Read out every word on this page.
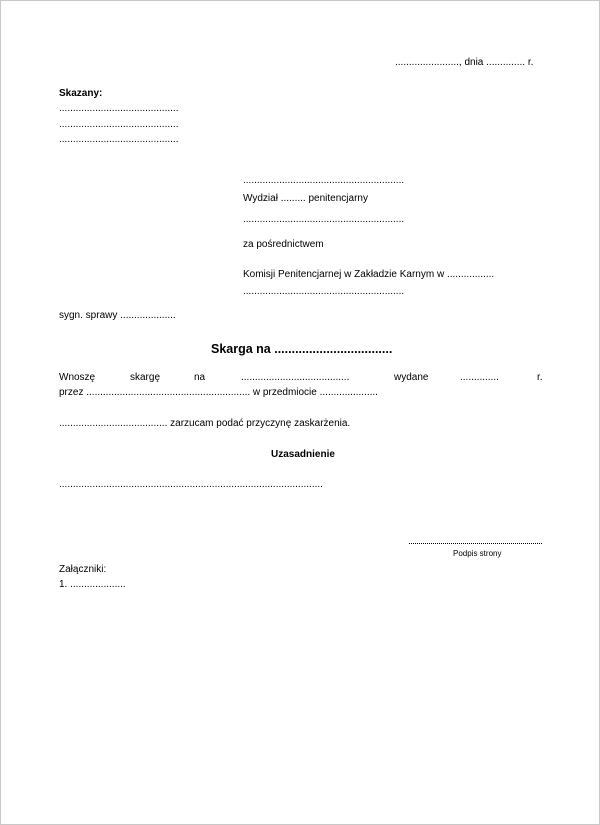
......................., dnia .............. r.
Skazany:
...........................................
...........................................
...........................................
..........................................................
Wydział ......... penitencjarny
..........................................................
za pośrednictwem
Komisji Penitencjarnej w Zakładzie Karnym w .................
..........................................................
sygn. sprawy ....................
Skarga na ..................................
Wnoszę	skargę	na	.......................................	wydane	..............	r.
przez ........................................................... w przedmiocie .....................
....................................... zarzucam podać przyczynę zaskarżenia.
Uzasadnienie
...............................................................................................
Podpis strony
Załączniki:
1. ....................
